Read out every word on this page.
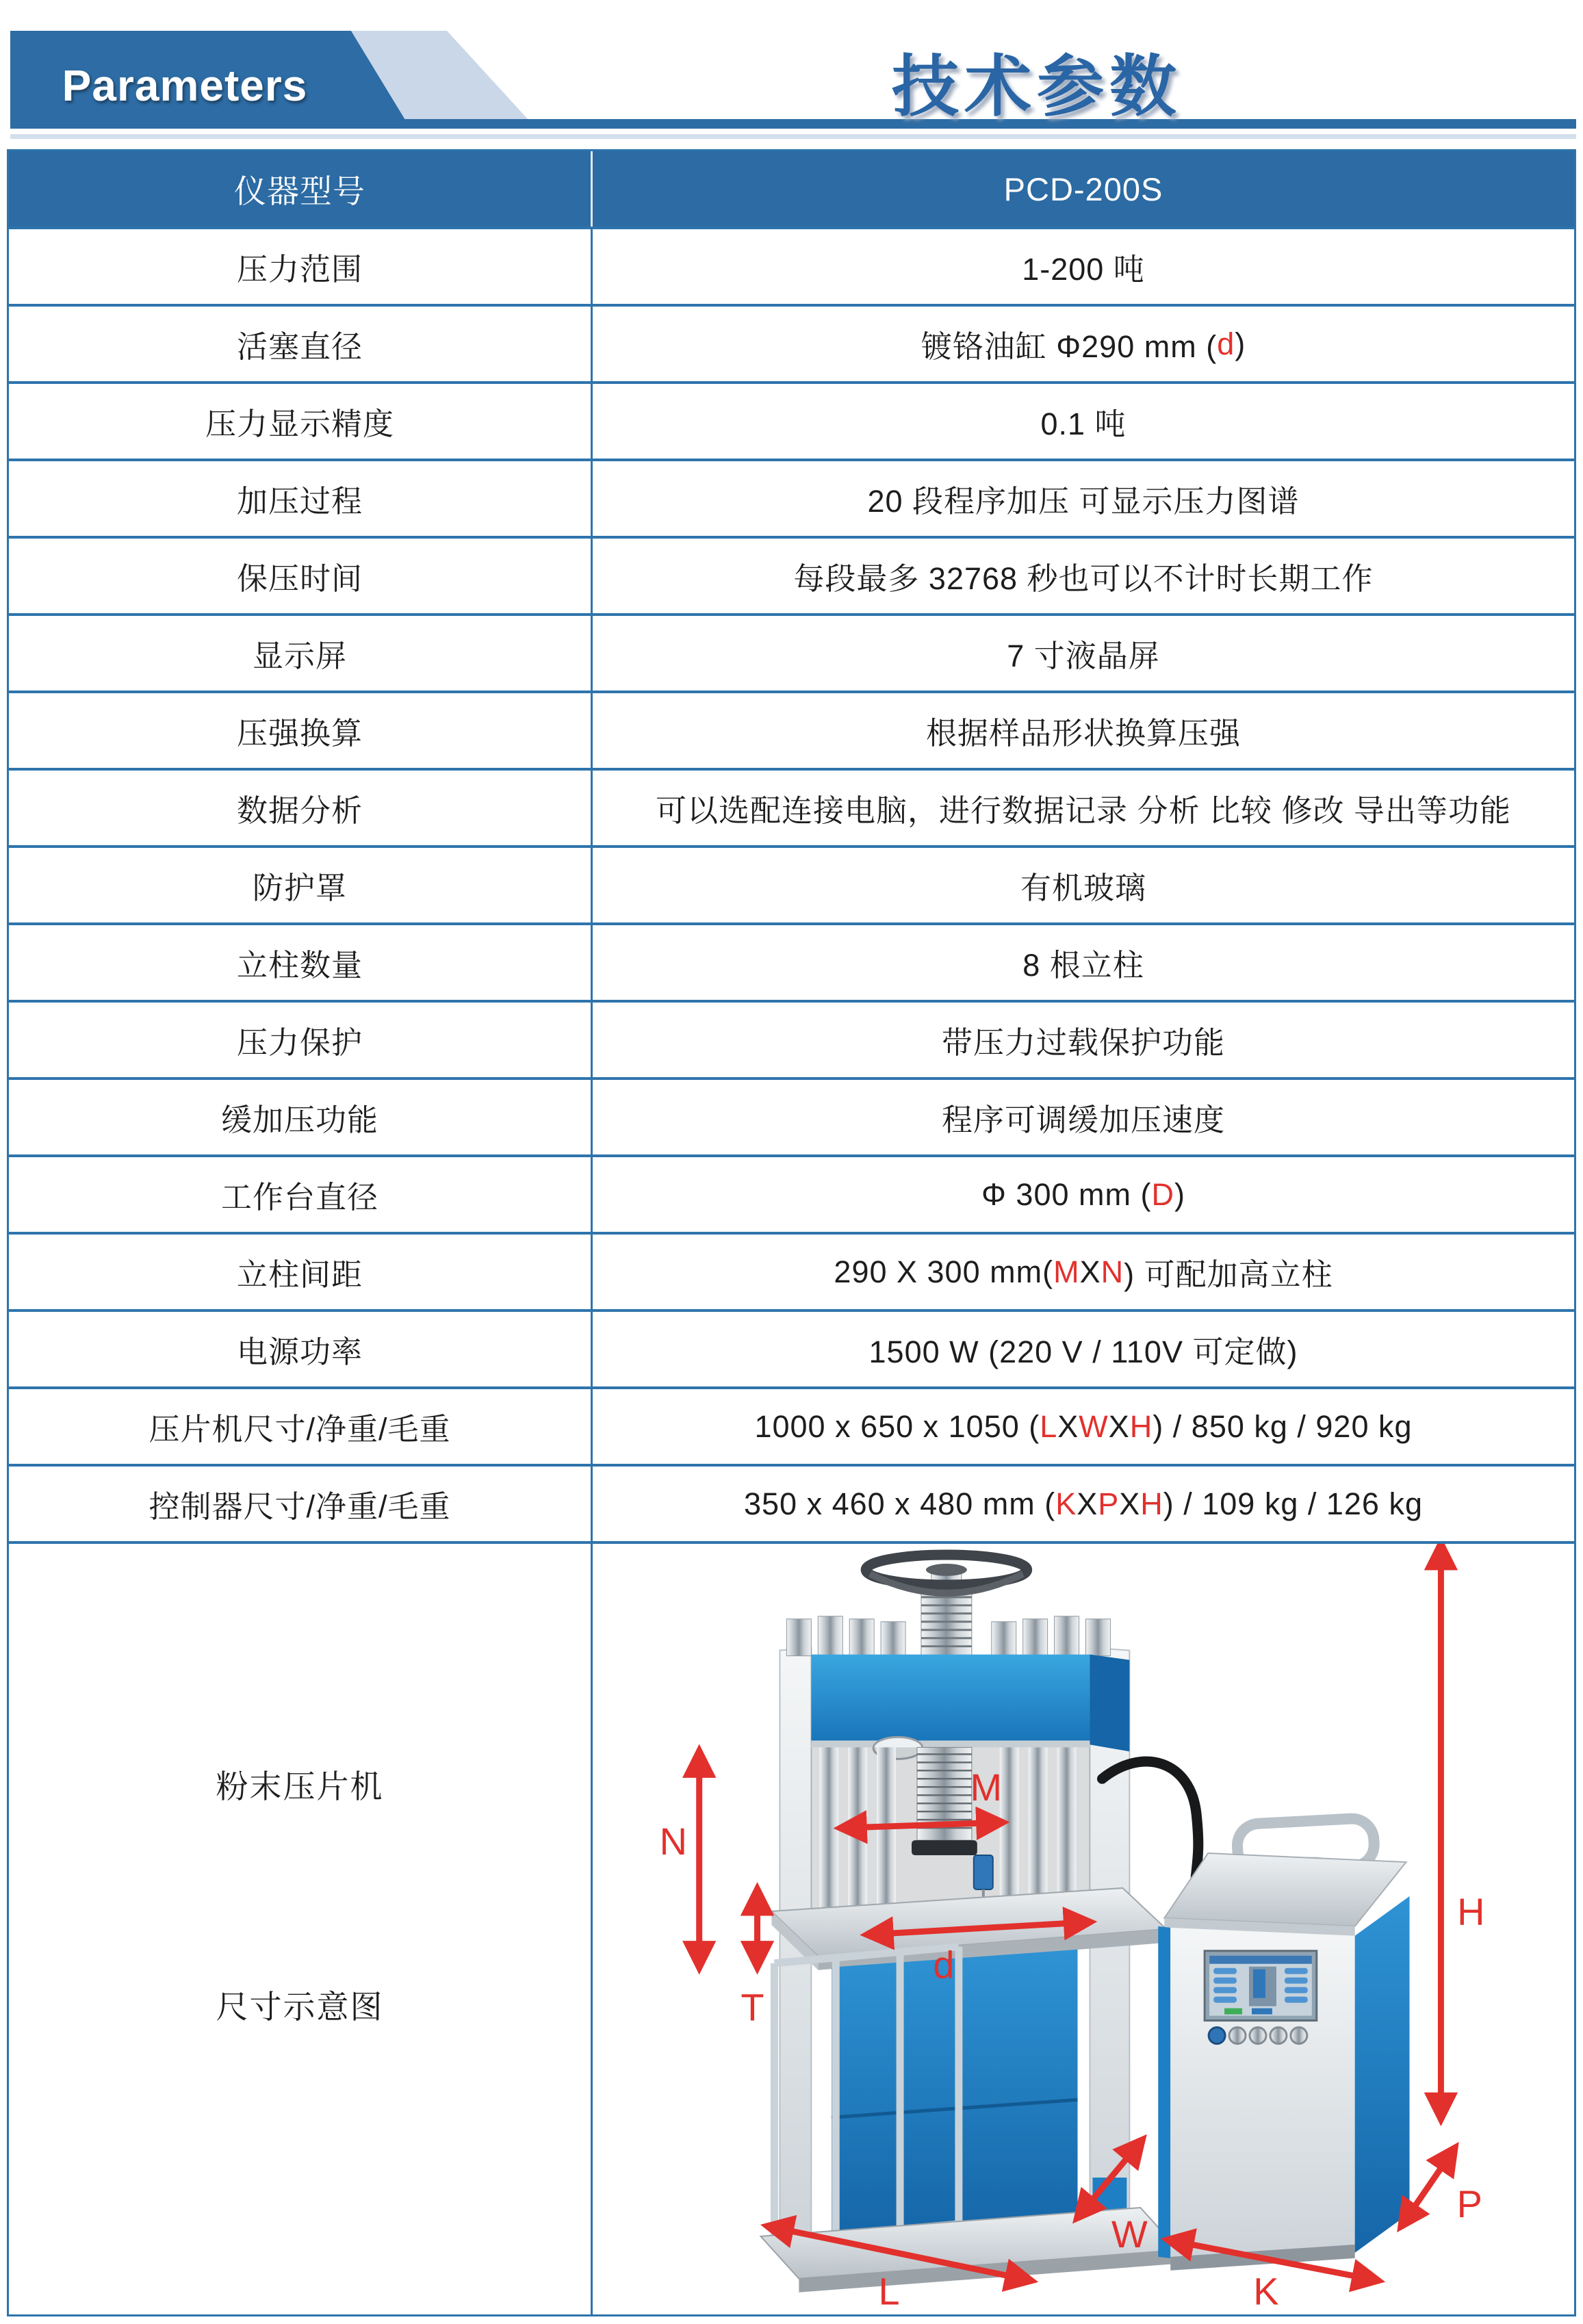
Parameters	技术参数
仪器型号	PCD-200S
压力范围	1-200 吨
活塞直径	镀铬油缸 Φ290 mm ( d )
压力显示精度	0.1 吨
加压过程	20 段程序加压 可显示压力图谱
保压时间	每段最多 32768 秒也可以不计时长期工作
显示屏	7 寸液晶屏
压强换算	根据样品形状换算压强
数据分析	可以选配连接电脑，进行数据记录 分析 比较 修改 导出等功能
防护罩	有机玻璃
立柱数量	8 根立柱
压力保护	带压力过载保护功能
缓加压功能	程序可调缓加压速度
工作台直径	Φ 300 mm ( D )
立柱间距	290 X 300 mm( M X N ) 可配加高立柱
电源功率	1500 W (220 V / 110V 可定做)
压片机尺寸/净重/毛重	1000 x 650 x 1050 ( L X W X H ) / 850 kg / 920 kg
控制器尺寸/净重/毛重	350 x 460 x 480 mm ( K X P X H ) / 109 kg / 126 kg
粉末压片机
尺寸示意图
N
T
M
d
H
W
L	K
P
